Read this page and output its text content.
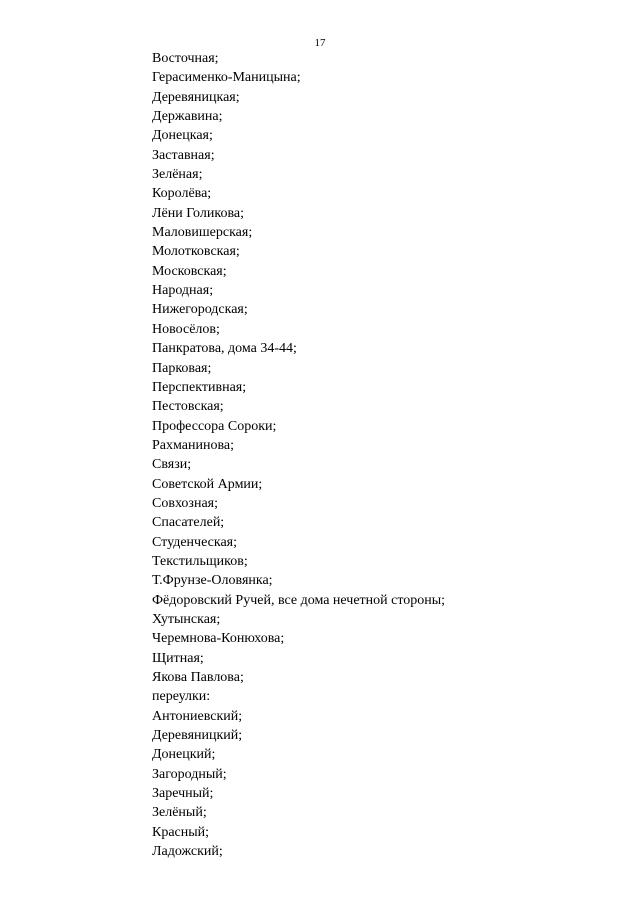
17
Восточная;
Герасименко-Маницына;
Деревяницкая;
Державина;
Донецкая;
Заставная;
Зелёная;
Королёва;
Лёни Голикова;
Маловишерская;
Молотковская;
Московская;
Народная;
Нижегородская;
Новосёлов;
Панкратова, дома 34-44;
Парковая;
Перспективная;
Пестовская;
Профессора Сороки;
Рахманинова;
Связи;
Советской Армии;
Совхозная;
Спасателей;
Студенческая;
Текстильщиков;
Т.Фрунзе-Оловянка;
Фёдоровский Ручей, все дома нечетной стороны;
Хутынская;
Черемнова-Конюхова;
Щитная;
Якова Павлова;
переулки:
Антониевский;
Деревяницкий;
Донецкий;
Загородный;
Заречный;
Зелёный;
Красный;
Ладожский;
